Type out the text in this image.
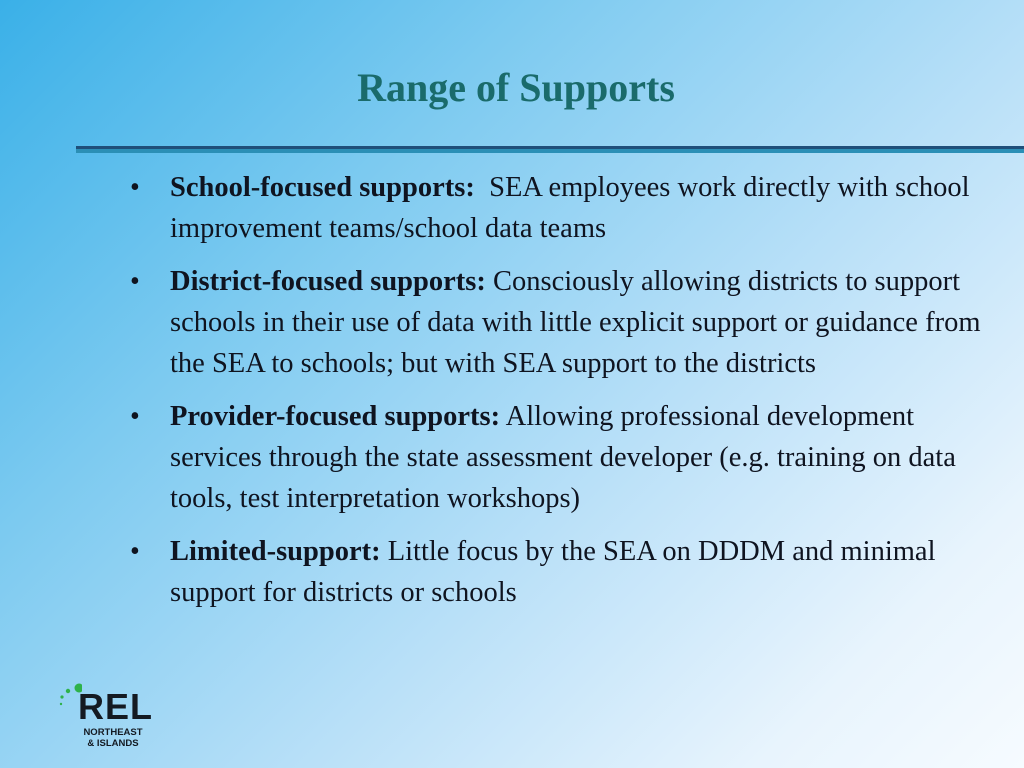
Range of Supports
• School-focused supports:  SEA employees work directly with school improvement teams/school data teams
• District-focused supports: Consciously allowing districts to support schools in their use of data with little explicit support or guidance from the SEA to schools; but with SEA support to the districts
• Provider-focused supports: Allowing professional development services through the state assessment developer (e.g. training on data tools, test interpretation workshops)
• Limited-support: Little focus by the SEA on DDDM and minimal support for districts or schools
REL
NORTHEAST
& ISLANDS
